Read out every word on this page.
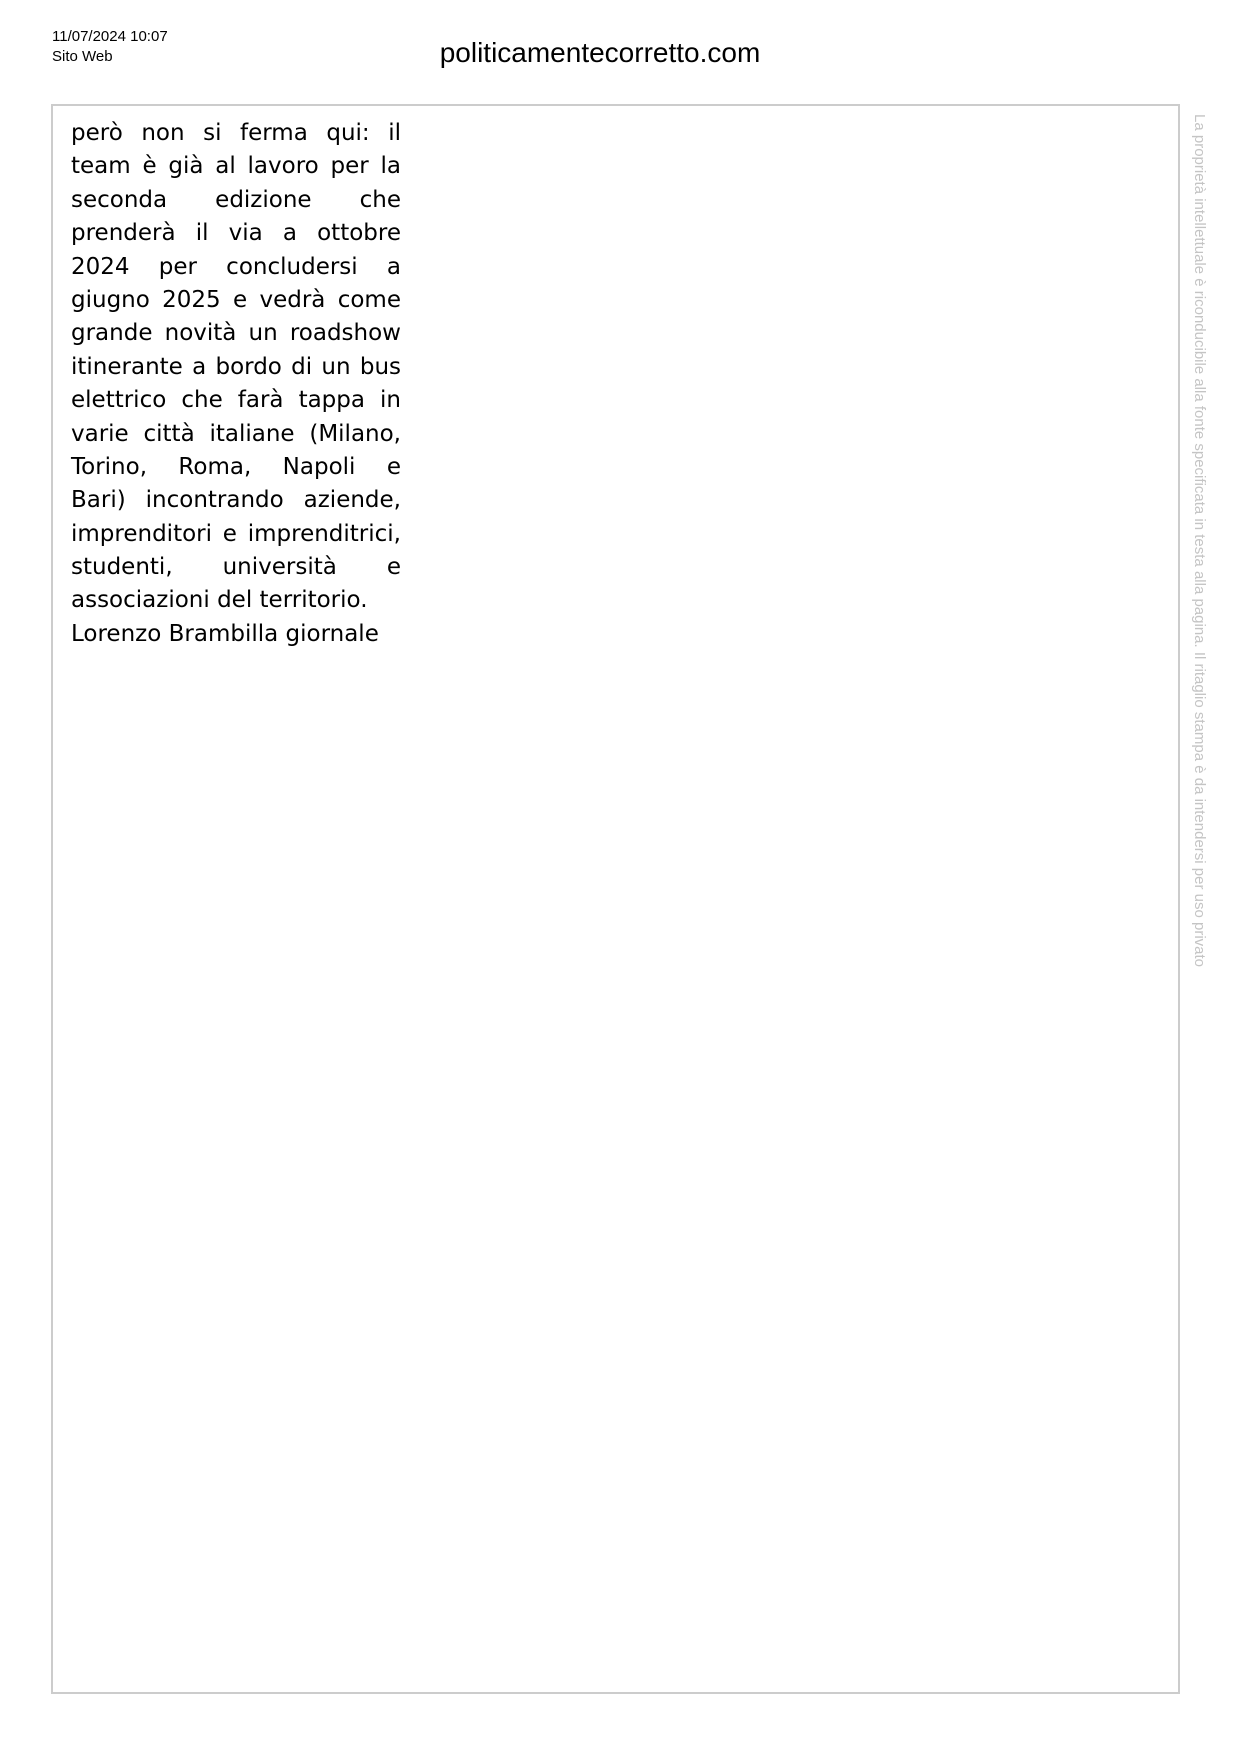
11/07/2024 10:07
Sito Web	politicamentecorretto.com
però non si ferma qui: il
team è già al lavoro per la
seconda edizione che
prenderà il via a ottobre
2024 per concludersi a
giugno 2025 e vedrà come
grande novità un roadshow
itinerante a bordo di un bus
elettrico che farà tappa in
varie città italiane (Milano,
Torino, Roma, Napoli e
Bari) incontrando aziende,
imprenditori e imprenditrici,
studenti, università e
associazioni del territorio.
Lorenzo Brambilla giornale	La proprietà intellettuale è riconducibile alla fonte specificata in testa alla pagina. Il ritaglio stampa è da intendersi per uso privato
